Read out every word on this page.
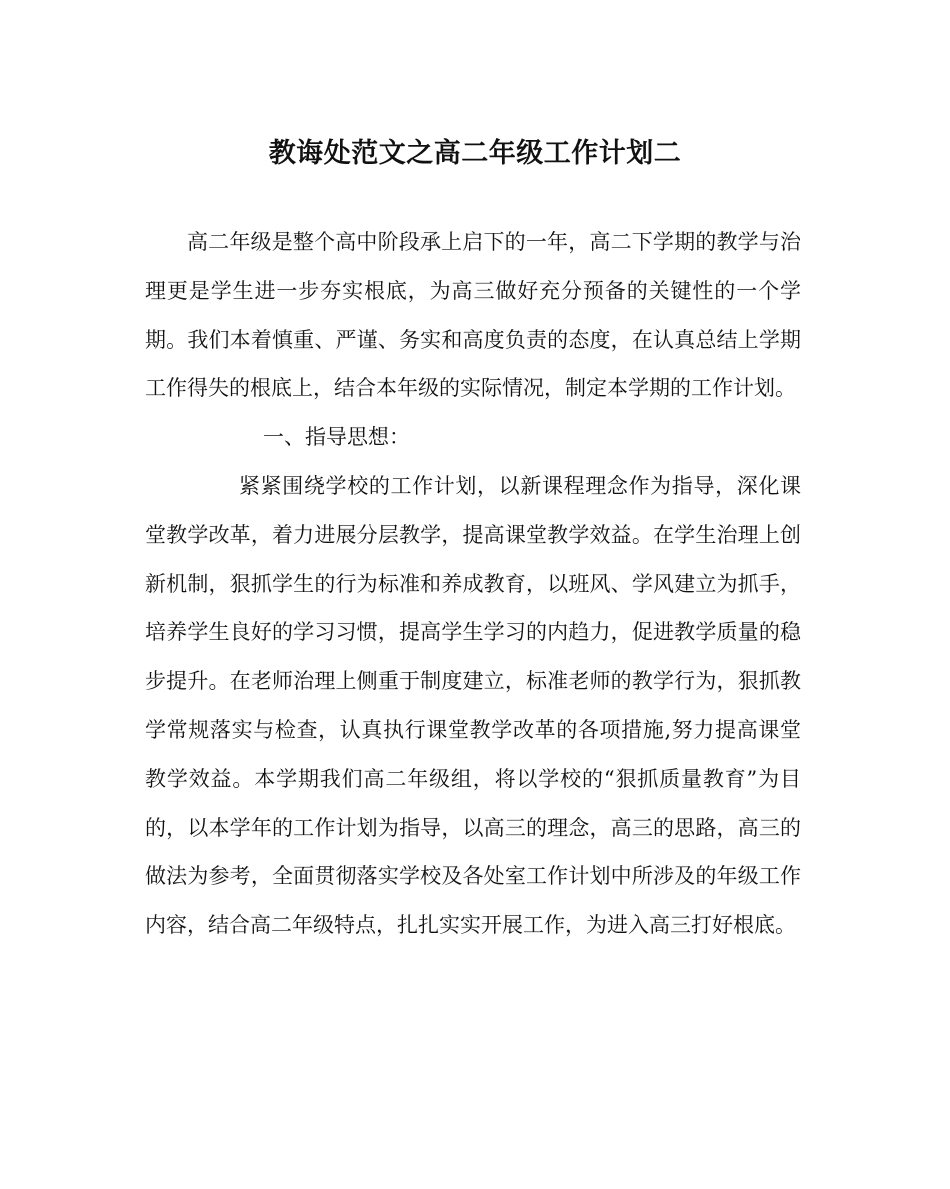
教诲处范文之高二年级工作计划二

高二年级是整个高中阶段承上启下的一年，高二下学期的教学与治理更是学生进一步夯实根底，为高三做好充分预备的关键性的一个学期。我们本着慎重、严谨、务实和高度负责的态度，在认真总结上学期工作得失的根底上，结合本年级的实际情况，制定本学期的工作计划。

一、指导思想：

紧紧围绕学校的工作计划，以新课程理念作为指导，深化课堂教学改革，着力进展分层教学，提高课堂教学效益。在学生治理上创新机制，狠抓学生的行为标准和养成教育，以班风、学风建立为抓手，培养学生良好的学习习惯，提高学生学习的内趋力，促进教学质量的稳步提升。在老师治理上侧重于制度建立，标准老师的教学行为，狠抓教学常规落实与检查，认真执行课堂教学改革的各项措施,努力提高课堂教学效益。本学期我们高二年级组，将以学校的“狠抓质量教育”为目的，以本学年的工作计划为指导，以高三的理念，高三的思路，高三的做法为参考，全面贯彻落实学校及各处室工作计划中所涉及的年级工作内容，结合高二年级特点，扎扎实实开展工作，为进入高三打好根底。
